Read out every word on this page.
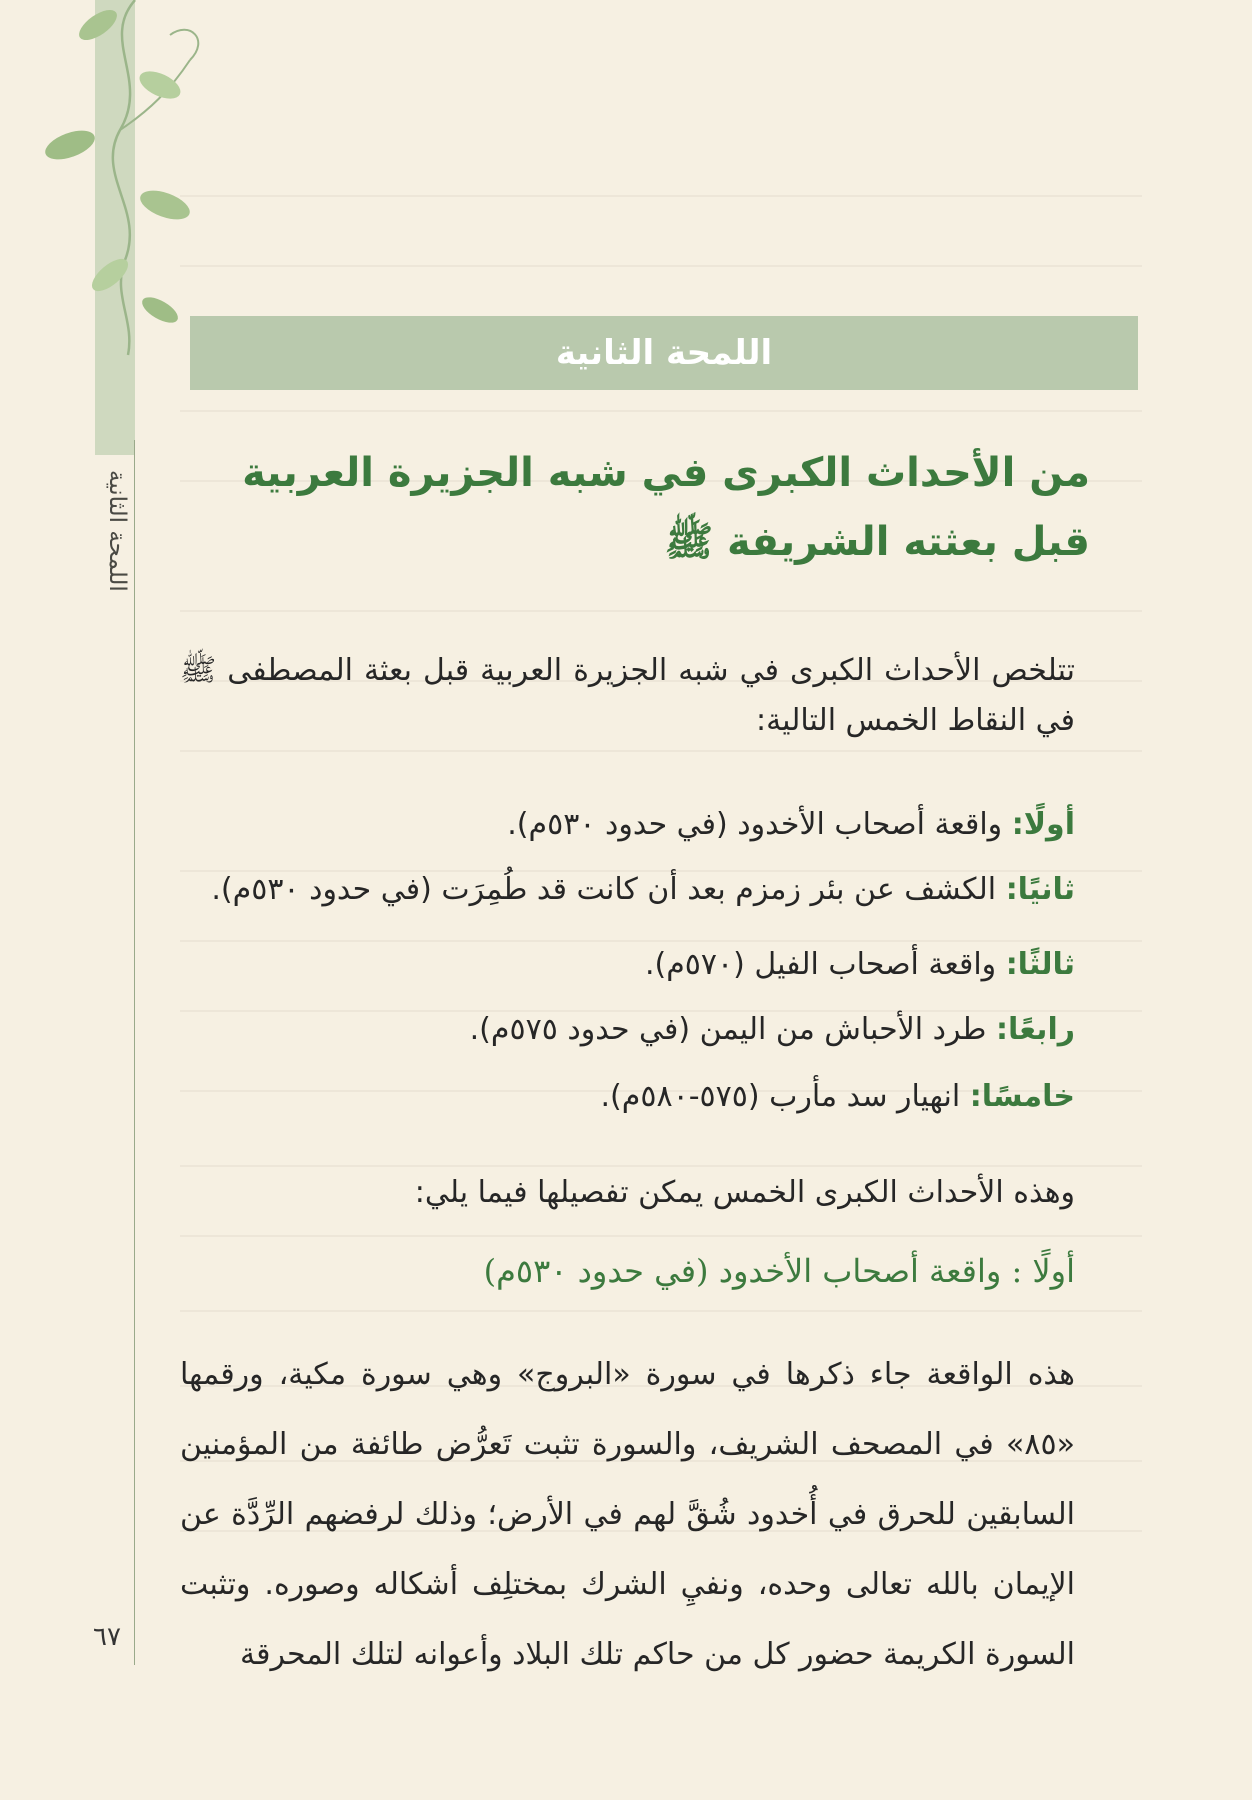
اللمحة الثانية
اللمحة الثانية
من الأحداث الكبرى في شبه الجزيرة العربية
قبل بعثته الشريفة ﷺ
تتلخص الأحداث الكبرى في شبه الجزيرة العربية قبل بعثة المصطفى ﷺ في النقاط الخمس التالية:
أولًا: واقعة أصحاب الأخدود (في حدود ٥٣٠م).
ثانيًا: الكشف عن بئر زمزم بعد أن كانت قد طُمِرَت (في حدود ٥٣٠م).
ثالثًا: واقعة أصحاب الفيل (٥٧٠م).
رابعًا: طرد الأحباش من اليمن (في حدود ٥٧٥م).
خامسًا: انهيار سد مأرب (٥٧٥-٥٨٠م).
وهذه الأحداث الكبرى الخمس يمكن تفصيلها فيما يلي:
أولًا : واقعة أصحاب الأخدود (في حدود ٥٣٠م)
هذه الواقعة جاء ذكرها في سورة «البروج» وهي سورة مكية، ورقمها
«٨٥» في المصحف الشريف، والسورة تثبت تَعرُّض طائفة من المؤمنين
السابقين للحرق في أُخدود شُقَّ لهم في الأرض؛ وذلك لرفضهم الرِّدَّة عن
الإيمان بالله تعالى وحده، ونفيِ الشرك بمختلِف أشكاله وصوره. وتثبت
السورة الكريمة حضور كل من حاكم تلك البلاد وأعوانه لتلك المحرقة
٦٧
